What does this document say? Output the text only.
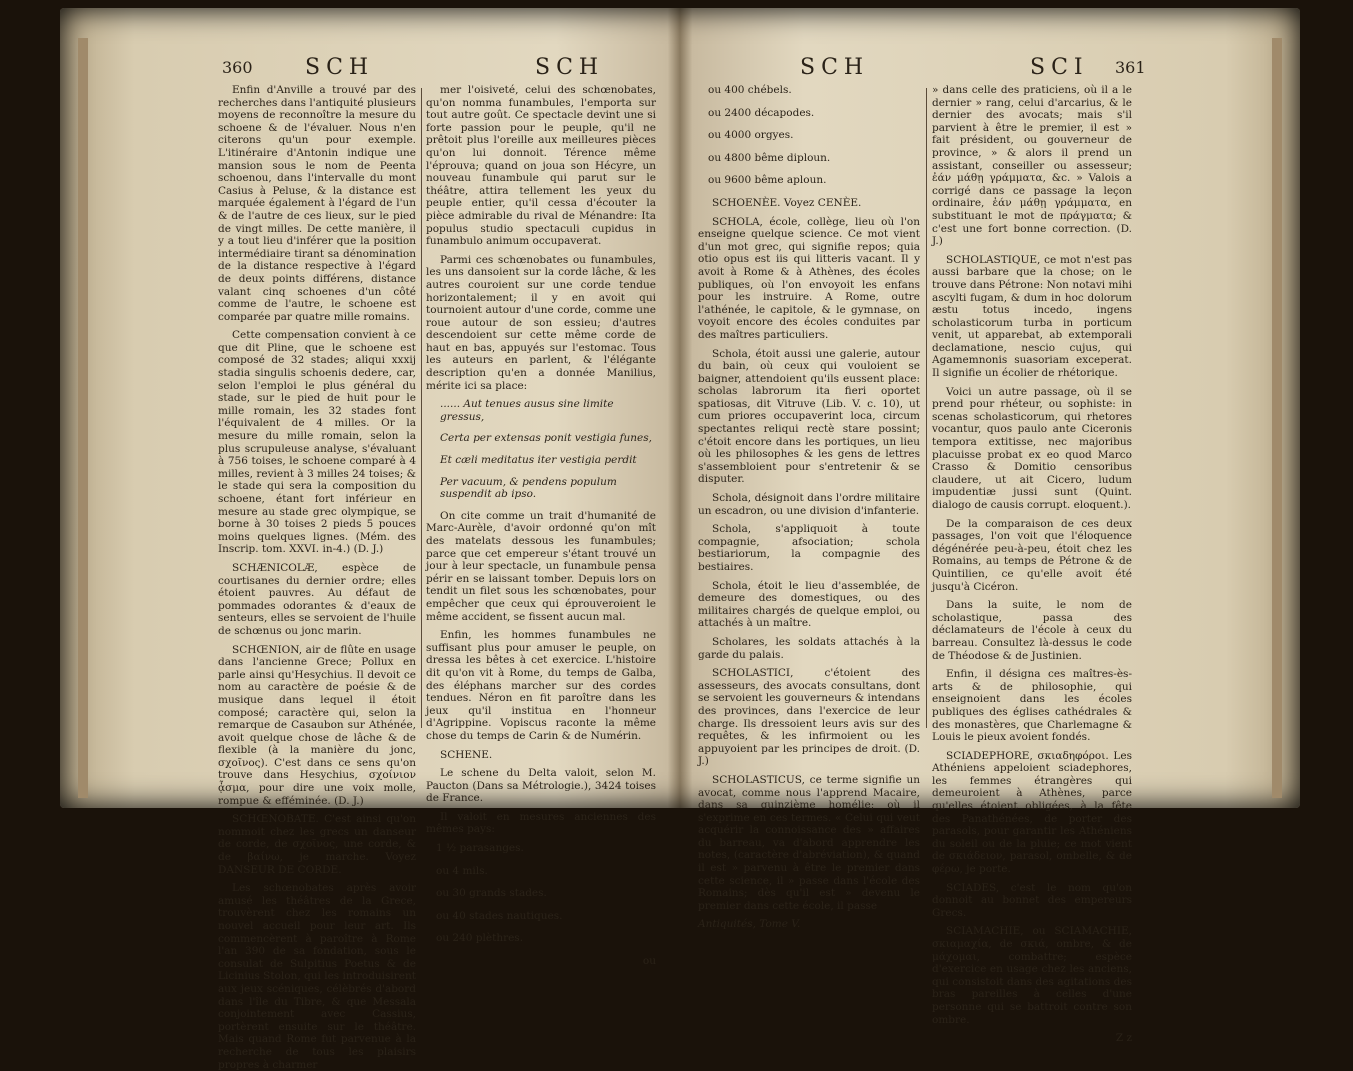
360 SCH	SCH

Enfin d'Anville a trouvé par des recherches dans l'antiquité plusieurs moyens de reconnoître la mesure du schoene & de l'évaluer. Nous n'en citerons qu'un pour exemple. L'itinéraire d'Antonin indique une mansion sous le nom de Peenta schoenou, dans l'intervalle du mont Casius à Peluse, & la distance est marquée également à l'égard de l'un & de l'autre de ces lieux, sur le pied de vingt milles. De cette manière, il y a tout lieu d'inférer que la position intermédiaire tirant sa dénomination de la distance respective à l'égard de deux points différens, distance valant cinq schoenes d'un côté comme de l'autre, le schoene est comparée par quatre mille romains.

Cette compensation convient à ce que dit Pline, que le schoene est composé de 32 stades; aliqui xxxij stadia singulis schoenis dedere, car, selon l'emploi le plus général du stade, sur le pied de huit pour le mille romain, les 32 stades font l'équivalent de 4 milles. Or la mesure du mille romain, selon la plus scrupuleuse analyse, s'évaluant à 756 toises, le schoene comparé à 4 milles, revient à 3 milles 24 toises; & le stade qui sera la composition du schoene, étant fort inférieur en mesure au stade grec olympique, se borne à 30 toises 2 pieds 5 pouces moins quelques lignes. (Mém. des Inscrip. tom. XXVI. in-4.) (D. J.)

SCHÆNICOLÆ, espèce de courtisanes du dernier ordre; elles étoient pauvres. Au défaut de pommades odorantes & d'eaux de senteurs, elles se servoient de l'huile de schœnus ou jonc marin.

SCHŒNION, air de flûte en usage dans l'ancienne Grece; Pollux en parle ainsi qu'Hesychius. Il devoit ce nom au caractère de poésie & de musique dans lequel il étoit composé; caractère qui, selon la remarque de Casaubon sur Athénée, avoit quelque chose de lâche & de flexible (à la manière du jonc, σχοῖνος). C'est dans ce sens qu'on trouve dans Hesychius, σχοίνιον ᾆσμα, pour dire une voix molle, rompue & efféminée. (D. J.)

SCHŒNOBATE. C'est ainsi qu'on nommoit chez les grecs un danseur de corde, de σχοῖνος, une corde, & de βαίνω, je marche. Voyez DANSEUR DE CORDE.

Les schœnobates après avoir amusé les théâtres de la Grece, trouvèrent chez les romains un nouvel accueil pour leur art. Ils commencèrent à paroître à Rome l'an 390 de sa fondation, sous le consulat de Sulpitius Poetus & de Licinius Stolon, qui les introduisirent aux jeux scéniques, célèbrés d'abord dans l'île du Tibre, & que Messala conjointement avec Cassius, portèrent ensuite sur le théâtre. Mais quand Rome fut parvenue à la recherche de tous les plaisirs propres à charmer

mer l'oisiveté, celui des schœnobates, qu'on nomma funambules, l'emporta sur tout autre goût. Ce spectacle devint une si forte passion pour le peuple, qu'il ne prêtoit plus l'oreille aux meilleures pièces qu'on lui donnoit. Térence même l'éprouva; quand on joua son Hécyre, un nouveau funambule qui parut sur le théâtre, attira tellement les yeux du peuple entier, qu'il cessa d'écouter la pièce admirable du rival de Ménandre: Ita populus studio spectaculi cupidus in funambulo animum occupaverat.

Parmi ces schœnobates ou funambules, les uns dansoient sur la corde lâche, & les autres couroient sur une corde tendue horizontalement; il y en avoit qui tournoient autour d'une corde, comme une roue autour de son essieu; d'autres descendoient sur cette même corde de haut en bas, appuyés sur l'estomac. Tous les auteurs en parlent, & l'élégante description qu'en a donnée Manilius, mérite ici sa place:

...... Aut tenues ausus sine limite gressus,
Certa per extensas ponit vestigia funes,
Et cæli meditatus iter vestigia perdit
Per vacuum, & pendens populum suspendit ab ipso.

On cite comme un trait d'humanité de Marc-Aurèle, d'avoir ordonné qu'on mît des matelats dessous les funambules; parce que cet empereur s'étant trouvé un jour à leur spectacle, un funambule pensa périr en se laissant tomber. Depuis lors on tendit un filet sous les schœnobates, pour empêcher que ceux qui éprouveroient le même accident, se fissent aucun mal.

Enfin, les hommes funambules ne suffisant plus pour amuser le peuple, on dressa les bêtes à cet exercice. L'histoire dit qu'on vit à Rome, du temps de Galba, des éléphans marcher sur des cordes tendues. Néron en fit paroître dans les jeux qu'il institua en l'honneur d'Agrippine. Vopiscus raconte la même chose du temps de Carin & de Numérin.

SCHENE.

Le schene du Delta valoit, selon M. Paucton (Dans sa Métrologie.), 3424 toises de France.

Il valoit en mesures anciennes des mêmes pays:

1 ½ parasanges.
ou 4 mils.
ou 30 grands stades.
ou 40 stades nautiques.
ou 240 plèthres.
ou
SCH	SCI 361
ou 400 chébels.
ou 2400 décapodes.
ou 4000 orgyes.
ou 4800 bême diploun.
ou 9600 bême aploun.

SCHOENÈE. Voyez CENÈE.

SCHOLA, école, collège, lieu où l'on enseigne quelque science. Ce mot vient d'un mot grec, qui signifie repos; quia otio opus est iis qui litteris vacant. Il y avoit à Rome & à Athènes, des écoles publiques, où l'on envoyoit les enfans pour les instruire. A Rome, outre l'athénée, le capitole, & le gymnase, on voyoit encore des écoles conduites par des maîtres particuliers.

Schola, étoit aussi une galerie, autour du bain, où ceux qui vouloient se baigner, attendoient qu'ils eussent place: scholas labrorum ita fieri oportet spatiosas, dit Vitruve (Lib. V. c. 10), ut cum priores occupaverint loca, circum spectantes reliqui rectè stare possint; c'étoit encore dans les portiques, un lieu où les philosophes & les gens de lettres s'assembloient pour s'entretenir & se disputer.

Schola, désignoit dans l'ordre militaire un escadron, ou une division d'infanterie.

Schola, s'appliquoit à toute compagnie, afsociation; schola bestiariorum, la compagnie des bestiaires.

Schola, étoit le lieu d'assemblée, de demeure des domestiques, ou des militaires chargés de quelque emploi, ou attachés à un maître.

Scholares, les soldats attachés à la garde du palais.

SCHOLASTICI, c'étoient des assesseurs, des avocats consultans, dont se servoient les gouverneurs & intendans des provinces, dans l'exercice de leur charge. Ils dressoient leurs avis sur des requêtes, & les infirmoient ou les appuyoient par les principes de droit. (D. J.)

SCHOLASTICUS, ce terme signifie un avocat, comme nous l'apprend Macaire, dans sa quinzième homélie; où il s'exprime en ces termes. « Celui qui veut acquérir la connoissance des » affaires du barreau, va d'abord apprendre les notes, (caractère d'abréviation), & quand il est » parvenu à être le premier dans cette science, il » passe dans l'école des Romains; dès qu'il est » devenu le premier dans cette école, il passe

Antiquités, Tome V.

» dans celle des praticiens, où il a le dernier » rang, celui d'arcarius, & le dernier des avocats; mais s'il parvient à être le premier, il est » fait président, ou gouverneur de province, » & alors il prend un assistant, conseiller ou assesseur; ἐάν μάθῃ γράμματα, &c. » Valois a corrigé dans ce passage la leçon ordinaire, ἐάν μάθῃ γράμματα, en substituant le mot de πράγματα; & c'est une fort bonne correction. (D. J.)

SCHOLASTIQUE, ce mot n'est pas aussi barbare que la chose; on le trouve dans Pétrone: Non notavi mihi ascylti fugam, & dum in hoc dolorum æstu totus incedo, ingens scholasticorum turba in porticum venit, ut apparebat, ab extemporali declamatione, nescio cujus, qui Agamemnonis suasoriam exceperat. Il signifie un écolier de rhétorique.

Voici un autre passage, où il se prend pour rhéteur, ou sophiste: in scenas scholasticorum, qui rhetores vocantur, quos paulo ante Ciceronis tempora extitisse, nec majoribus placuisse probat ex eo quod Marco Crasso & Domitio censoribus claudere, ut ait Cicero, ludum impudentiæ jussi sunt (Quint. dialogo de causis corrupt. eloquent.).

De la comparaison de ces deux passages, l'on voit que l'éloquence dégénérée peu-à-peu, étoit chez les Romains, au temps de Pétrone & de Quintilien, ce qu'elle avoit été jusqu'à Cicéron.

Dans la suite, le nom de scholastique, passa des déclamateurs de l'école à ceux du barreau. Consultez là-dessus le code de Théodose & de Justinien.

Enfin, il désigna ces maîtres-ès-arts & de philosophie, qui enseignoient dans les écoles publiques des églises cathédrales & des monastères, que Charlemagne & Louis le pieux avoient fondés.

SCIADEPHORE, σκιαδηφόροι. Les Athéniens appeloient sciadephores, les femmes étrangères qui demeuroient à Athènes, parce qu'elles étoient obligées, à la fête des Panathénées, de porter des parasols, pour garantir les Athéniens du soleil ou de la pluie; ce mot vient de σκιάδειον, parasol, ombelle, & de φέρω, je porte.

SCIADES, c'est le nom qu'on donnoit au bonnet des empereurs Grecs.

SCIAMACHIE, ou SCIAMACHIE, σκιαμαχία, de σκιά, ombre, & de μάχομαι, combattre; espèce d'exercice en usage chez les anciens, qui consistoit dans des agitations des bras pareilles à celles d'une personne qui se battroit contre son ombre.

Z z
